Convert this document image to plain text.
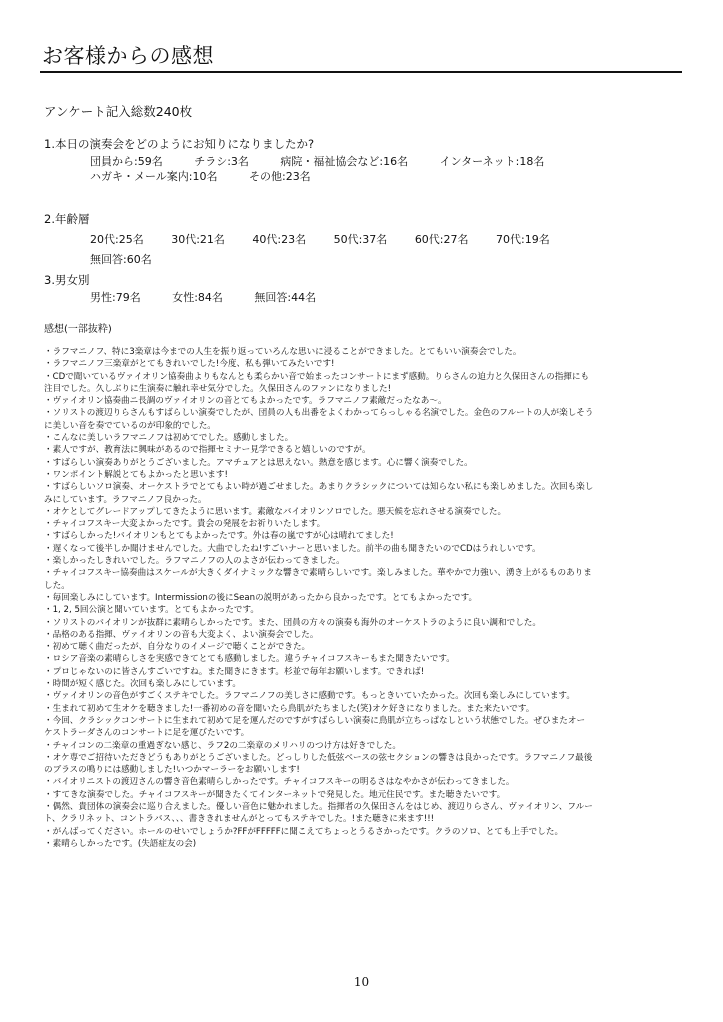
お客様からの感想
アンケート記入総数240枚
1.本日の演奏会をどのようにお知りになりましたか?
団員から:59名	チラシ:3名	病院・福祉協会など:16名	インターネット:18名
ハガキ・メール案内:10名	その他:23名
2.年齢層
20代:25名	30代:21名	40代:23名	50代:37名	60代:27名	70代:19名
無回答:60名
3.男女別
男性:79名	女性:84名	無回答:44名
感想(一部抜粋)
・ラフマニノフ、特に3楽章は今までの人生を振り返っていろんな思いに浸ることができました。とてもいい演奏会でした。
・ラフマニノフ三楽章がとてもきれいでした!今度、私も弾いてみたいです!
・CDで聞いているヴァイオリン協奏曲よりもなんとも柔らかい音で始まったコンサートにまず感動。りらさんの迫力と久保田さんの指揮にも
注目でした。久しぶりに生演奏に触れ幸せ気分でした。久保田さんのファンになりました!
・ヴァイオリン協奏曲ニ長調のヴァイオリンの音とてもよかったです。ラフマニノフ素敵だったなあ〜。
・ソリストの渡辺りらさんもすばらしい演奏でしたが、団員の人も出番をよくわかってらっしゃる名演でした。金色のフルートの人が楽しそう
に美しい音を奏でているのが印象的でした。
・こんなに美しいラフマニノフは初めてでした。感動しました。
・素人ですが、教育法に興味があるので指揮セミナー見学できると嬉しいのですが。
・すばらしい演奏ありがとうございました。アマチュアとは思えない。熱意を感じます。心に響く演奏でした。
・ワンポイント解説とてもよかったと思います!
・すばらしいソロ演奏、オーケストラでとてもよい時が過ごせました。あまりクラシックについては知らない私にも楽しめました。次回も楽し
みにしています。ラフマニノフ良かった。
・オケとしてグレードアップしてきたように思います。素敵なバイオリンソロでした。悪天候を忘れさせる演奏でした。
・チャイコフスキー大変よかったです。貴会の発展をお祈りいたします。
・すばらしかった!バイオリンもとてもよかったです。外は春の嵐ですが心は晴れてました!
・遅くなって後半しか聞けませんでした。大曲でしたね!すごいナーと思いました。前半の曲も聞きたいのでCDはうれしいです。
・楽しかったしきれいでした。ラフマニノフの人のよさが伝わってきました。
・チャイコフスキー協奏曲はスケールが大きくダイナミックな響きで素晴らしいです。楽しみました。華やかで力強い、湧き上がるものありま
した。
・毎回楽しみにしています。Intermissionの後にSeanの説明があったから良かったです。とてもよかったです。
・1, 2, 5回公演と聞いています。とてもよかったです。
・ソリストのバイオリンが抜群に素晴らしかったです。また、団員の方々の演奏も海外のオーケストラのように良い調和でした。
・品格のある指揮、ヴァイオリンの音も大変よく、よい演奏会でした。
・初めて聴く曲だったが、自分なりのイメージで聴くことができた。
・ロシア音楽の素晴らしさを実感できてとても感動しました。違うチャイコフスキーもまた聞きたいです。
・プロじゃないのに皆さんすごいですね。また聞きにきます。杉並で毎年お願いします。できれば!
・時間が短く感じた。次回も楽しみにしています。
・ヴァイオリンの音色がすごくステキでした。ラフマニノフの美しさに感動です。もっときいていたかった。次回も楽しみにしています。
・生まれて初めて生オケを聴きました!一番初めの音を聞いたら鳥肌がたちました(笑)オケ好きになりました。また来たいです。
・今回、クラシックコンサートに生まれて初めて足を運んだのですがすばらしい演奏に鳥肌が立ちっぱなしという状態でした。ぜひまたオー
ケストラーダさんのコンサートに足を運びたいです。
・チャイコンの二楽章の重過ぎない感じ、ラフ2の二楽章のメリハリのつけ方は好きでした。
・オケ専でご招待いただきどうもありがとうございました。どっしりした低弦ベースの弦セクションの響きは良かったです。ラフマニノフ最後
のブラスの鳴りには感動しました!いつかマーラーをお願いします!
・バイオリニストの渡辺さんの響き音色素晴らしかったです。チャイコフスキーの明るさはなやかさが伝わってきました。
・すてきな演奏でした。チャイコフスキーが聞きたくてインターネットで発見した。地元住民です。また聴きたいです。
・偶然、貴団体の演奏会に巡り合えました。優しい音色に魅かれました。指揮者の久保田さんをはじめ、渡辺りらさん、ヴァイオリン、フルー
ト、クラリネット、コントラバス、、、書ききれませんがとってもステキでした。!また聴きに来ます!!!
・がんばってください。ホールのせいでしょうか?FFがFFFFFに聞こえてちょっとうるさかったです。クラのソロ、とても上手でした。
・素晴らしかったです。(失語症友の会)
10
